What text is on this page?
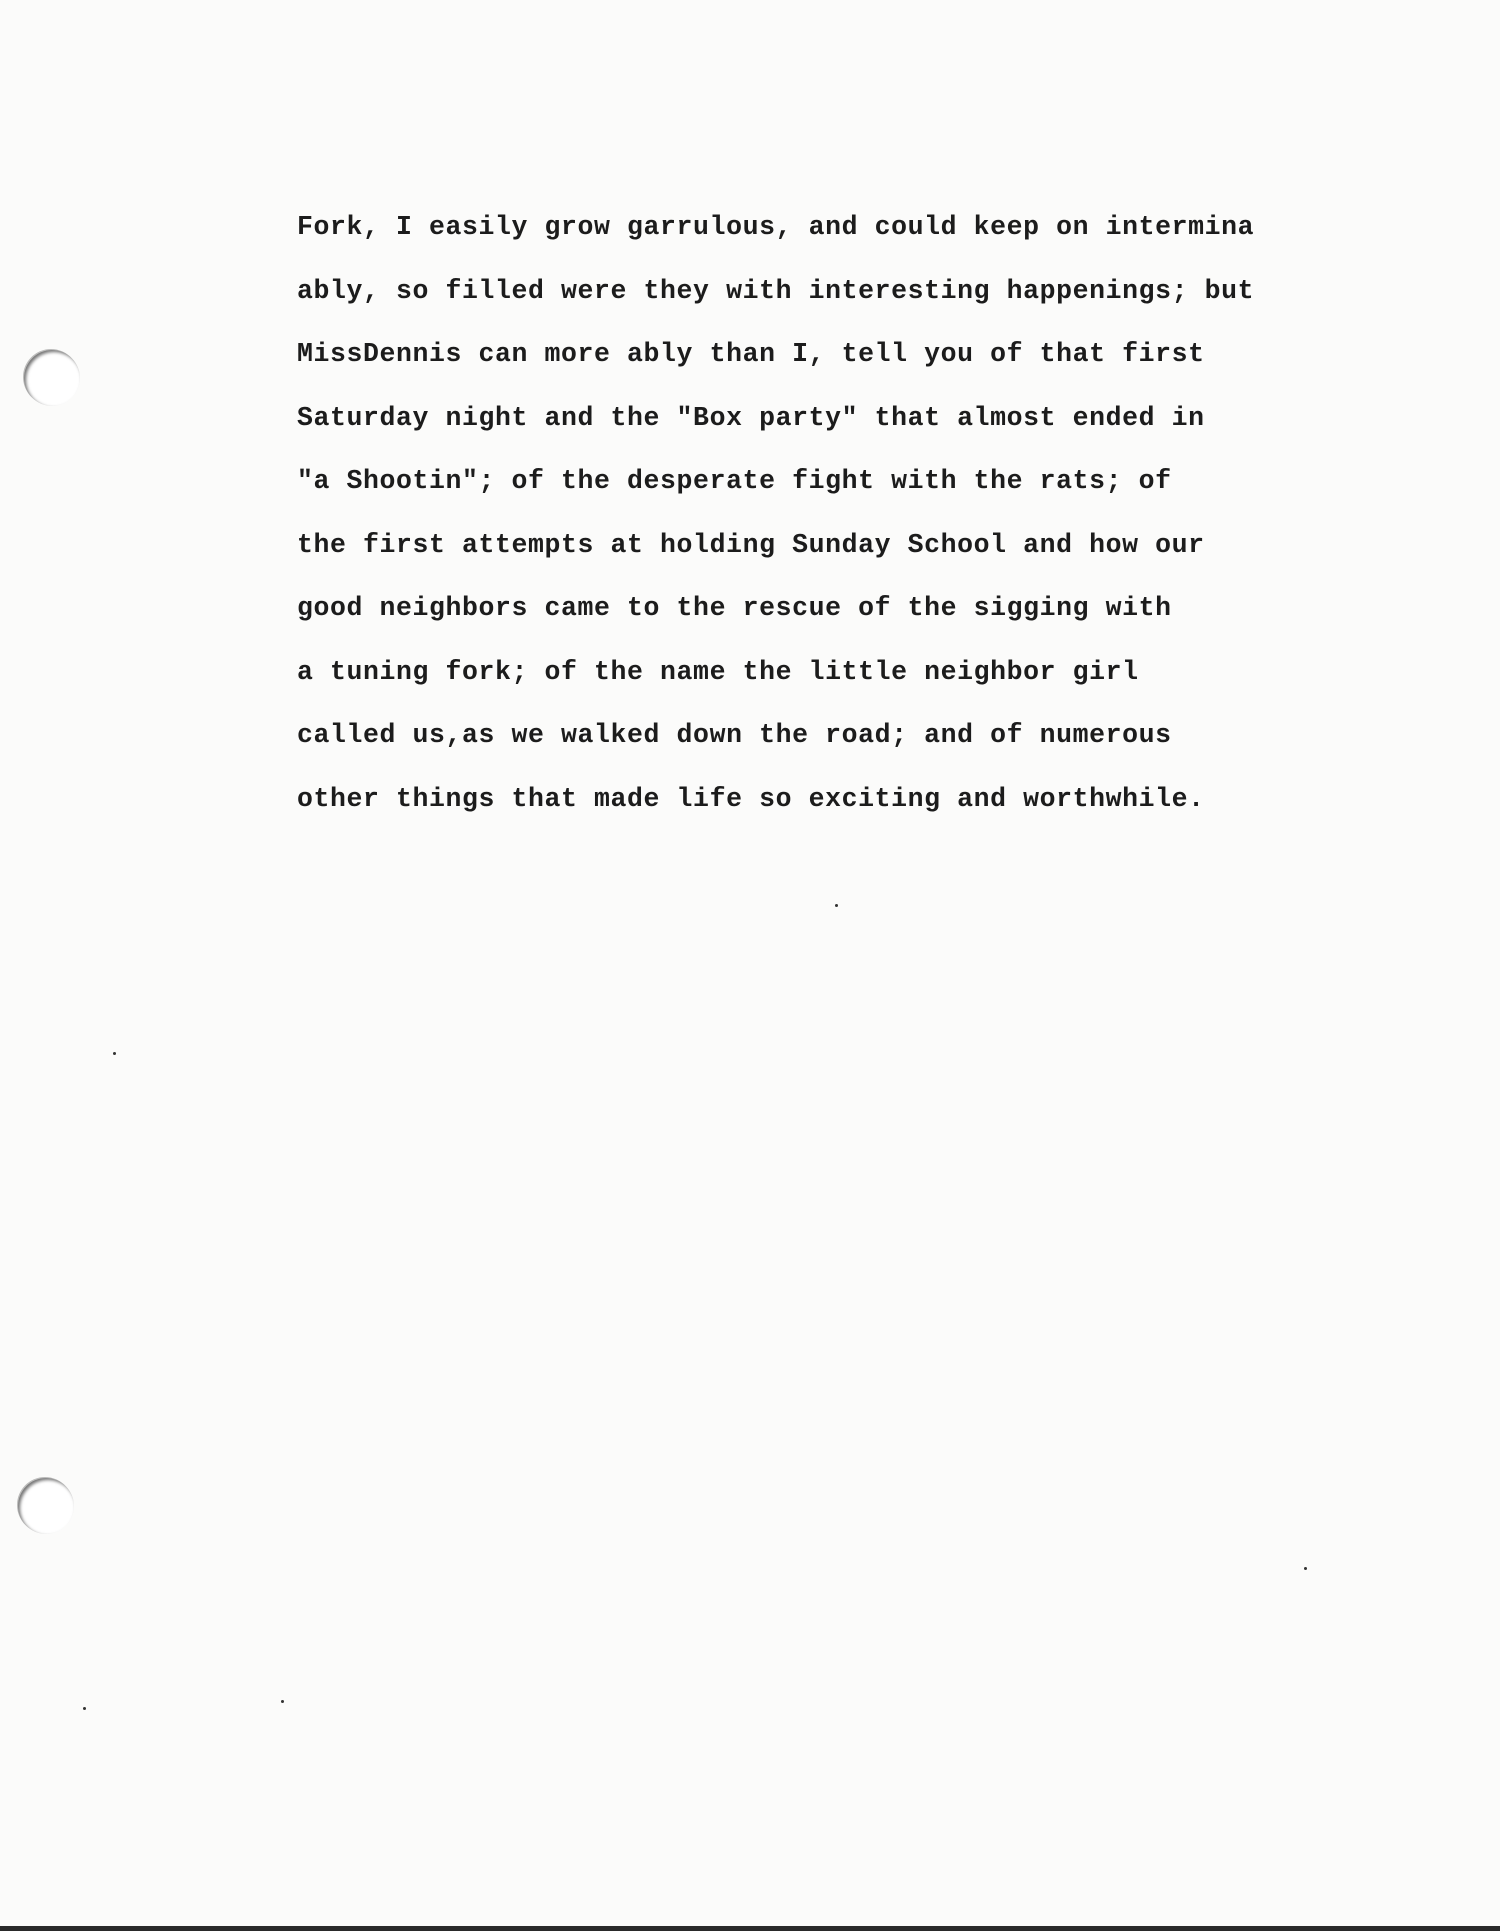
Fork, I easily grow garrulous, and could keep on intermina
ably, so filled were they with interesting happenings; but
MissDennis can more ably than I, tell you of that first
Saturday night and the "Box party" that almost ended in
"a Shootin"; of the desperate fight with the rats; of
the first attempts at holding Sunday School and how our
good neighbors came to the rescue of the sigging with
a tuning fork; of the name the little neighbor girl
called us,as we walked down the road; and of numerous
other things that made life so exciting and worthwhile.
